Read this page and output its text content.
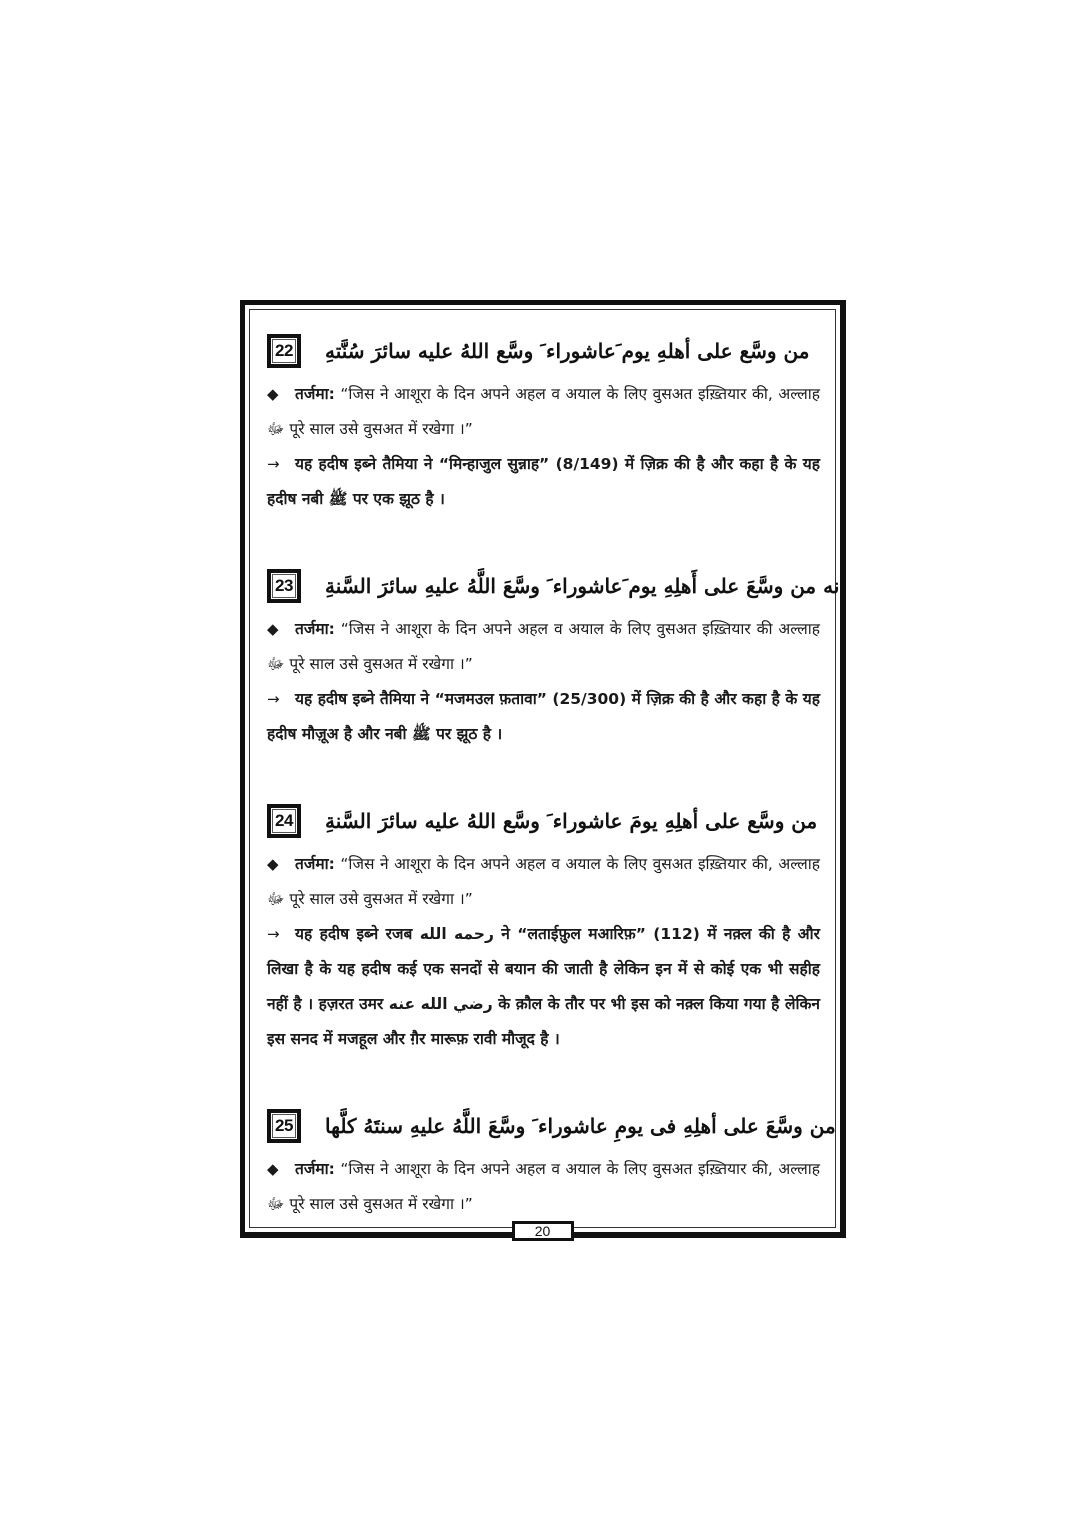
22	من وسَّع على أهلهِ يوم َعاشوراء َ وسَّع اللهُ عليه سائرَ سُنَّتهِ

◆ तर्जमा: “जिस ने आशूरा के दिन अपने अहल व अयाल के लिए वुसअत इख़्तियार की, अल्लाह ﷻ पूरे साल उसे वुसअत में रखेगा ।”

→ यह हदीष इब्ने तैमिया ने “मिन्हाजुल सुन्नाह” (8/149) में ज़िक्र की है और कहा है के यह हदीष नबी ﷺ पर एक झूठ है ।

23	أنه من وسَّعَ على أَهلِهِ يوم َعاشوراء َ وسَّعَ اللَّهُ عليهِ سائرَ السَّنةِ

◆ तर्जमा: “जिस ने आशूरा के दिन अपने अहल व अयाल के लिए वुसअत इख़्तियार की अल्लाह ﷻ पूरे साल उसे वुसअत में रखेगा ।”

→ यह हदीष इब्ने तैमिया ने “मजमउल फ़तावा” (25/300) में ज़िक्र की है और कहा है के यह हदीष मौज़ूअ है और नबी ﷺ पर झूठ है ।

24	من وسَّع على أهلِهِ يومَ عاشوراء َ وسَّع اللهُ عليه سائرَ السَّنةِ

◆ तर्जमा: “जिस ने आशूरा के दिन अपने अहल व अयाल के लिए वुसअत इख़्तियार की, अल्लाह ﷻ पूरे साल उसे वुसअत में रखेगा ।”

→ यह हदीष इब्ने रजब رحمه الله ने “लताईफ़ुल मआरिफ़” (112) में नक़्ल की है और लिखा है के यह हदीष कई एक सनदों से बयान की जाती है लेकिन इन में से कोई एक भी सहीह नहीं है । हज़रत उमर رضي الله عنه के क़ौल के तौर पर भी इस को नक़्ल किया गया है लेकिन इस सनद में मजहूल और ग़ैर मारूफ़ रावी मौजूद है ।

25	من وسَّعَ على أهلِهِ فى يومِ عاشوراء َ وسَّعَ اللَّهُ عليهِ سنتَهُ كلَّها

◆ तर्जमा: “जिस ने आशूरा के दिन अपने अहल व अयाल के लिए वुसअत इख़्तियार की, अल्लाह ﷻ पूरे साल उसे वुसअत में रखेगा ।”

20
